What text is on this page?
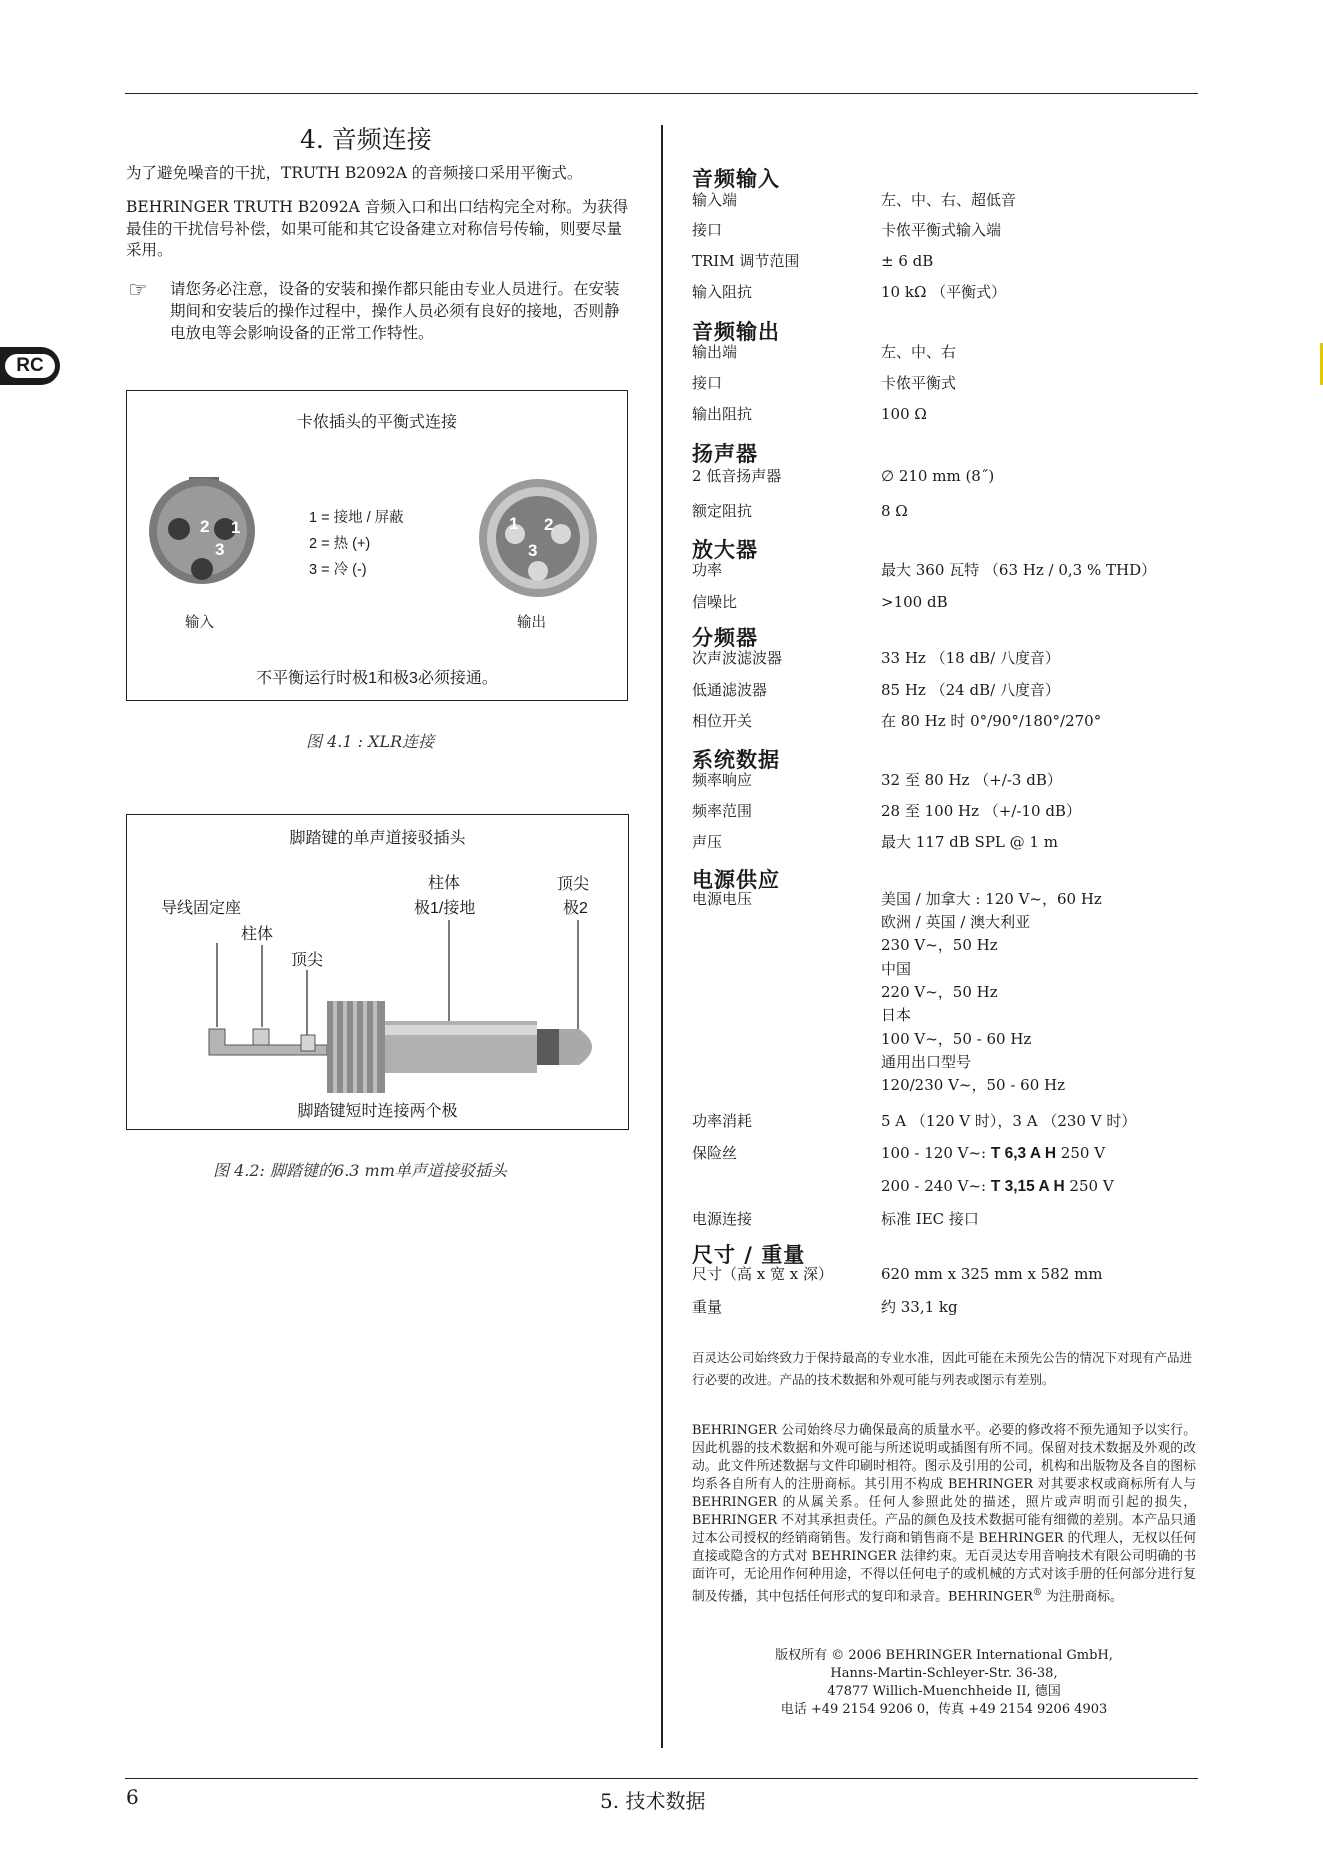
RC
4. 音频连接
为了避免噪音的干扰，TRUTH B2092A 的音频接口采用平衡式。
BEHRINGER TRUTH B2092A 音频入口和出口结构完全对称。为获得最佳的干扰信号补偿，如果可能和其它设备建立对称信号传输，则要尽量采用。
☞ 请您务必注意，设备的安装和操作都只能由专业人员进行。在安装期间和安装后的操作过程中，操作人员必须有良好的接地，否则静电放电等会影响设备的正常工作特性。
卡侬插头的平衡式连接
2 1
3
1 2
3
1 = 接地 / 屏蔽
2 = 热 (+)
3 = 冷 (-)
输入	输出
不平衡运行时极1和极3必须接通。
图 4.1 : XLR连接
脚踏键的单声道接驳插头
柱体	顶尖
导线固定座	极1/接地	极2
柱体
顶尖
脚踏键短时连接两个极
图 4.2: 脚踏键的6.3 mm单声道接驳插头
音频输入
输入端	左、中、右、超低音
接口	卡侬平衡式输入端
TRIM 调节范围	± 6 dB
输入阻抗	10 kΩ （平衡式）
音频输出
输出端	左、中、右
接口	卡侬平衡式
输出阻抗	100 Ω
扬声器
2 低音扬声器	∅ 210 mm (8˝)
额定阻抗	8 Ω
放大器
功率	最大 360 瓦特 （63 Hz / 0,3 % THD）
信噪比	>100 dB
分频器
次声波滤波器	33 Hz （18 dB/ 八度音）
低通滤波器	85 Hz （24 dB/ 八度音）
相位开关	在 80 Hz 时 0°/90°/180°/270°
系统数据
频率响应	32 至 80 Hz （+/-3 dB）
频率范围	28 至 100 Hz （+/-10 dB）
声压	最大 117 dB SPL @ 1 m
电源供应
电源电压	美国 / 加拿大 : 120 V~，60 Hz
欧洲 / 英国 / 澳大利亚
230 V~，50 Hz
中国
220 V~，50 Hz
日本
100 V~，50 - 60 Hz
通用出口型号
120/230 V~，50 - 60 Hz
功率消耗	5 A （120 V 时），3 A （230 V 时）
保险丝	100 - 120 V~: T 6,3 A H 250 V
200 - 240 V~: T 3,15 A H 250 V
电源连接	标准 IEC 接口
尺寸 / 重量
尺寸（高 x 宽 x 深）	620 mm x 325 mm x 582 mm
重量	约 33,1 kg
百灵达公司始终致力于保持最高的专业水准，因此可能在未预先公告的情况下对现有产品进行必要的改进。产品的技术数据和外观可能与列表或图示有差别。
BEHRINGER 公司始终尽力确保最高的质量水平。必要的修改将不预先通知予以实行。因此机器的技术数据和外观可能与所述说明或插图有所不同。保留对技术数据及外观的改动。此文件所述数据与文件印刷时相符。图示及引用的公司，机构和出版物及各自的图标均系各自所有人的注册商标。其引用不构成 BEHRINGER 对其要求权或商标所有人与 BEHRINGER 的从属关系。任何人参照此处的描述，照片或声明而引起的损失，BEHRINGER 不对其承担责任。产品的颜色及技术数据可能有细微的差别。本产品只通过本公司授权的经销商销售。发行商和销售商不是 BEHRINGER 的代理人，无权以任何直接或隐含的方式对 BEHRINGER 法律约束。无百灵达专用音响技术有限公司明确的书面许可，无论用作何种用途，不得以任何电子的或机械的方式对该手册的任何部分进行复制及传播，其中包括任何形式的复印和录音。BEHRINGER® 为注册商标。
版权所有 © 2006 BEHRINGER International GmbH,
Hanns-Martin-Schleyer-Str. 36-38,
47877 Willich-Muenchheide II, 德国
电话 +49 2154 9206 0，传真 +49 2154 9206 4903
6	5. 技术数据
